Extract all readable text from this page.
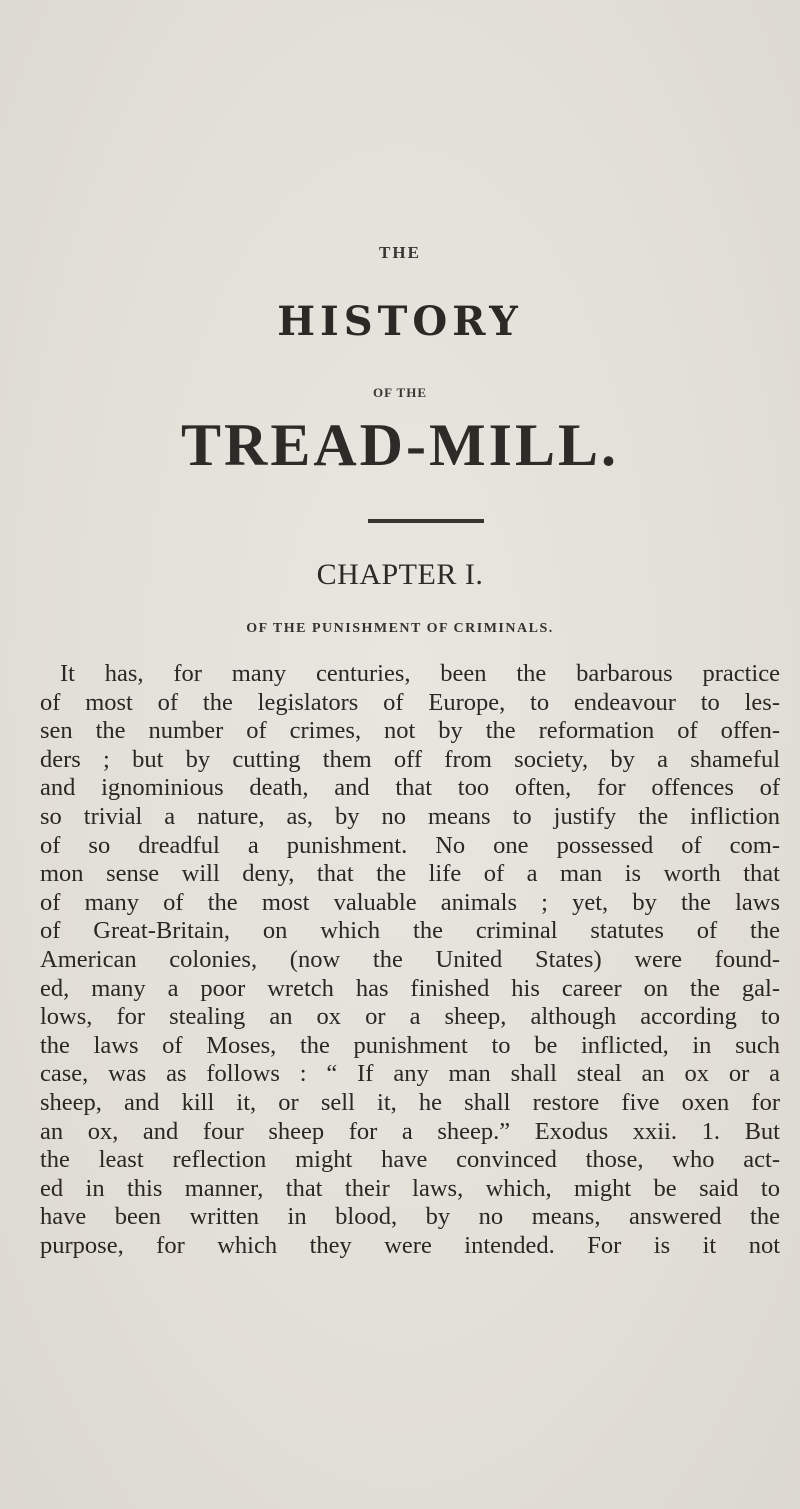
THE
HISTORY
OF THE
TREAD-MILL.
CHAPTER I.
OF THE PUNISHMENT OF CRIMINALS.
It has, for many centuries, been the barbarous practice
of most of the legislators of Europe, to endeavour to les-
sen the number of crimes, not by the reformation of offen-
ders ; but by cutting them off from society, by a shameful
and ignominious death, and that too often, for offences of
so trivial a nature, as, by no means to justify the infliction
of so dreadful a punishment. No one possessed of com-
mon sense will deny, that the life of a man is worth that
of many of the most valuable animals ; yet, by the laws
of Great-Britain, on which the criminal statutes of the
American colonies, (now the United States) were found-
ed, many a poor wretch has finished his career on the gal-
lows, for stealing an ox or a sheep, although according to
the laws of Moses, the punishment to be inflicted, in such
case, was as follows : “ If any man shall steal an ox or a
sheep, and kill it, or sell it, he shall restore five oxen for
an ox, and four sheep for a sheep.” Exodus xxii. 1. But
the least reflection might have convinced those, who act-
ed in this manner, that their laws, which, might be said to
have been written in blood, by no means, answered the
purpose, for which they were intended. For is it not
